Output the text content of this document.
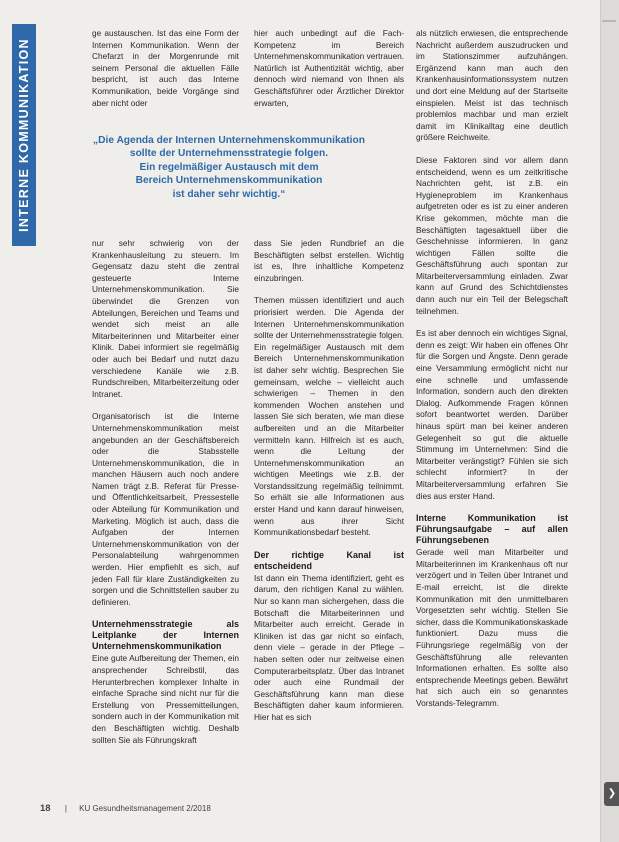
INTERNE KOMMUNIKATION

ge austauschen. Ist das eine Form der Internen Kommunikation. Wenn der Chefarzt in der Morgenrunde mit seinem Personal die aktuellen Fälle bespricht, ist auch das Interne Kommunikation, beide Vorgänge sind aber nicht oder

hier auch unbedingt auf die Fach-Kompetenz im Bereich Unternehmenskommunikation vertrauen. Natürlich ist Authentizität wichtig, aber dennoch wird niemand von Ihnen als Geschäftsführer oder Ärztlicher Direktor erwarten,

„Die Agenda der Internen Unternehmenskommunikation
sollte der Unternehmensstrategie folgen.
Ein regelmäßiger Austausch mit dem
Bereich Unternehmenskommunikation
ist daher sehr wichtig.“

nur sehr schwierig von der Krankenhausleitung zu steuern. Im Gegensatz dazu steht die zentral gesteuerte Interne Unternehmenskommunikation. Sie überwindet die Grenzen von Abteilungen, Bereichen und Teams und wendet sich meist an alle Mitarbeiterinnen und Mitarbeiter einer Klinik. Dabei informiert sie regelmäßig oder auch bei Bedarf und nutzt dazu verschiedene Kanäle wie z.B. Rundschreiben, Mitarbeiterzeitung oder Intranet.

Organisatorisch ist die Interne Unternehmenskommunikation meist angebunden an der Geschäftsbereich oder die Stabsstelle Unternehmenskommunikation, die in manchen Häusern auch noch andere Namen trägt z.B. Referat für Presse- und Öffentlichkeitsarbeit, Pressestelle oder Abteilung für Kommunikation und Marketing. Möglich ist auch, dass die Aufgaben der Internen Unternehmenskommunikation von der Personalabteilung wahrgenommen werden. Hier empfiehlt es sich, auf jeden Fall für klare Zuständigkeiten zu sorgen und die Schnittstellen sauber zu definieren.

Unternehmensstrategie als Leitplanke der Internen Unternehmenskommunikation

Eine gute Aufbereitung der Themen, ein ansprechender Schreibstil, das Herunterbrechen komplexer Inhalte in einfache Sprache sind nicht nur für die Erstellung von Pressemitteilungen, sondern auch in der Kommunikation mit den Beschäftigten wichtig. Deshalb sollten Sie als Führungskraft

dass Sie jeden Rundbrief an die Beschäftigten selbst erstellen. Wichtig ist es, Ihre inhaltliche Kompetenz einzubringen.

Themen müssen identifiziert und auch priorisiert werden. Die Agenda der Internen Unternehmenskommunikation sollte der Unternehmensstrategie folgen. Ein regelmäßiger Austausch mit dem Bereich Unternehmenskommunikation ist daher sehr wichtig. Besprechen Sie gemeinsam, welche – vielleicht auch schwierigen – Themen in den kommenden Wochen anstehen und lassen Sie sich beraten, wie man diese aufbereiten und an die Mitarbeiter vermitteln kann. Hilfreich ist es auch, wenn die Leitung der Unternehmenskommunikation an wichtigen Meetings wie z.B. der Vorstandssitzung regelmäßig teilnimmt. So erhält sie alle Informationen aus erster Hand und kann darauf hinweisen, wenn aus ihrer Sicht Kommunikationsbedarf besteht.

Der richtige Kanal ist entscheidend

Ist dann ein Thema identifiziert, geht es darum, den richtigen Kanal zu wählen. Nur so kann man sichergehen, dass die Botschaft die Mitarbeiterinnen und Mitarbeiter auch erreicht. Gerade in Kliniken ist das gar nicht so einfach, denn viele – gerade in der Pflege – haben selten oder nur zeitweise einen Computerarbeitsplatz. Über das Intranet oder auch eine Rundmail der Geschäftsführung kann man diese Beschäftigten daher kaum informieren. Hier hat es sich

als nützlich erwiesen, die entsprechende Nachricht außerdem auszudrucken und im Stationszimmer aufzuhängen. Ergänzend kann man auch den Krankenhausinformationssystem nutzen und dort eine Meldung auf der Startseite einspielen. Meist ist das technisch problemlos machbar und man erzielt damit im Klinikalltag eine deutlich größere Reichweite.

Diese Faktoren sind vor allem dann entscheidend, wenn es um zeitkritische Nachrichten geht, ist z.B. ein Hygieneproblem im Krankenhaus aufgetreten oder es ist zu einer anderen Krise gekommen, möchte man die Beschäftigten tagesaktuell über die Geschehnisse informieren. In ganz wichtigen Fällen sollte die Geschäftsführung auch spontan zur Mitarbeiterversammlung einladen. Zwar kann auf Grund des Schichtdienstes dann auch nur ein Teil der Belegschaft teilnehmen.

Es ist aber dennoch ein wichtiges Signal, denn es zeigt: Wir haben ein offenes Ohr für die Sorgen und Ängste. Denn gerade eine Versammlung ermöglicht nicht nur eine schnelle und umfassende Information, sondern auch den direkten Dialog. Aufkommende Fragen können sofort beantwortet werden. Darüber hinaus spürt man bei keiner anderen Gelegenheit so gut die aktuelle Stimmung im Unternehmen: Sind die Mitarbeiter verängstigt? Fühlen sie sich schlecht informiert? In der Mitarbeiterversammlung erfahren Sie dies aus erster Hand.

Interne Kommunikation ist Führungsaufgabe – auf allen Führungsebenen

Gerade weil man Mitarbeiter und Mitarbeiterinnen im Krankenhaus oft nur verzögert und in Teilen über Intranet und E-mail erreicht, ist die direkte Kommunikation mit den unmittelbaren Vorgesetzten sehr wichtig. Stellen Sie sicher, dass die Kommunikationskaskade funktioniert. Dazu muss die Führungsriege regelmäßig von der Geschäftsführung alle relevanten Informationen erhalten. Es sollte also entsprechende Meetings geben. Bewährt hat sich auch ein so genanntes Vorstands-Telegramm.

18 | KU Gesundheitsmanagement 2/2018
❯
